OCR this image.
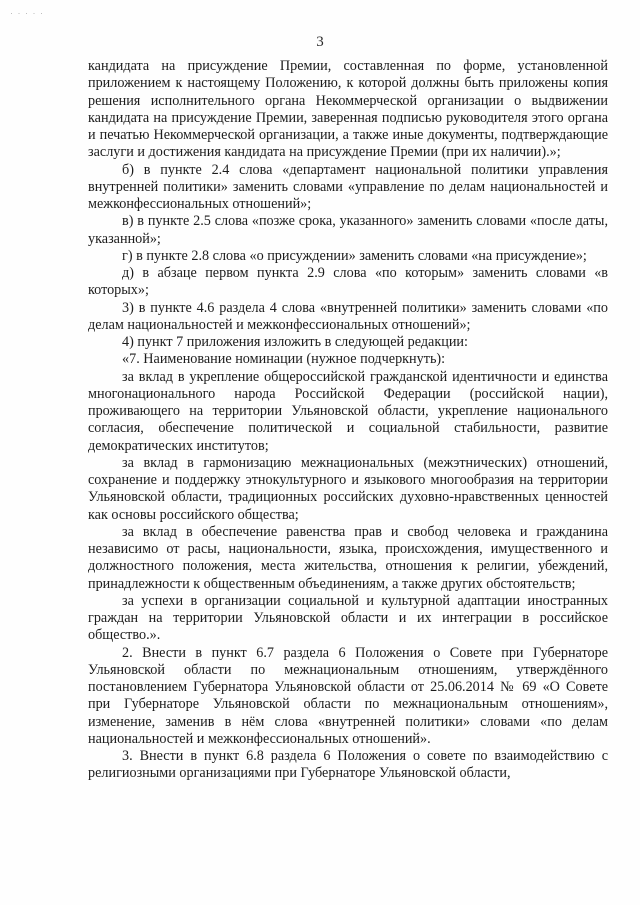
· · · · ·
3

кандидата на присуждение Премии, составленная по форме, установленной приложением к настоящему Положению, к которой должны быть приложены копия решения исполнительного органа Некоммерческой организации о выдвижении кандидата на присуждение Премии, заверенная подписью руководителя этого органа и печатью Некоммерческой организации, а также иные документы, подтверждающие заслуги и достижения кандидата на присуждение Премии (при их наличии).»;

б) в пункте 2.4 слова «департамент национальной политики управления внутренней политики» заменить словами «управление по делам национальностей и межконфессиональных отношений»;

в) в пункте 2.5 слова «позже срока, указанного» заменить словами «после даты, указанной»;

г) в пункте 2.8 слова «о присуждении» заменить словами «на присуждение»;

д) в абзаце первом пункта 2.9 слова «по которым» заменить словами «в которых»;

3) в пункте 4.6 раздела 4 слова «внутренней политики» заменить словами «по делам национальностей и межконфессиональных отношений»;

4) пункт 7 приложения изложить в следующей редакции:

«7. Наименование номинации (нужное подчеркнуть):

за вклад в укрепление общероссийской гражданской идентичности и единства многонационального народа Российской Федерации (российской нации), проживающего на территории Ульяновской области, укрепление национального согласия, обеспечение политической и социальной стабильности, развитие демократических институтов;

за вклад в гармонизацию межнациональных (межэтнических) отношений, сохранение и поддержку этнокультурного и языкового многообразия на территории Ульяновской области, традиционных российских духовно-нравственных ценностей как основы российского общества;

за вклад в обеспечение равенства прав и свобод человека и гражданина независимо от расы, национальности, языка, происхождения, имущественного и должностного положения, места жительства, отношения к религии, убеждений, принадлежности к общественным объединениям, а также других обстоятельств;

за успехи в организации социальной и культурной адаптации иностранных граждан на территории Ульяновской области и их интеграции в российское общество.».

2. Внести в пункт 6.7 раздела 6 Положения о Совете при Губернаторе Ульяновской области по межнациональным отношениям, утверждённого постановлением Губернатора Ульяновской области от 25.06.2014 № 69 «О Совете при Губернаторе Ульяновской области по межнациональным отношениям», изменение, заменив в нём слова «внутренней политики» словами «по делам национальностей и межконфессиональных отношений».

3. Внести в пункт 6.8 раздела 6 Положения о совете по взаимодействию с религиозными организациями при Губернаторе Ульяновской области,
